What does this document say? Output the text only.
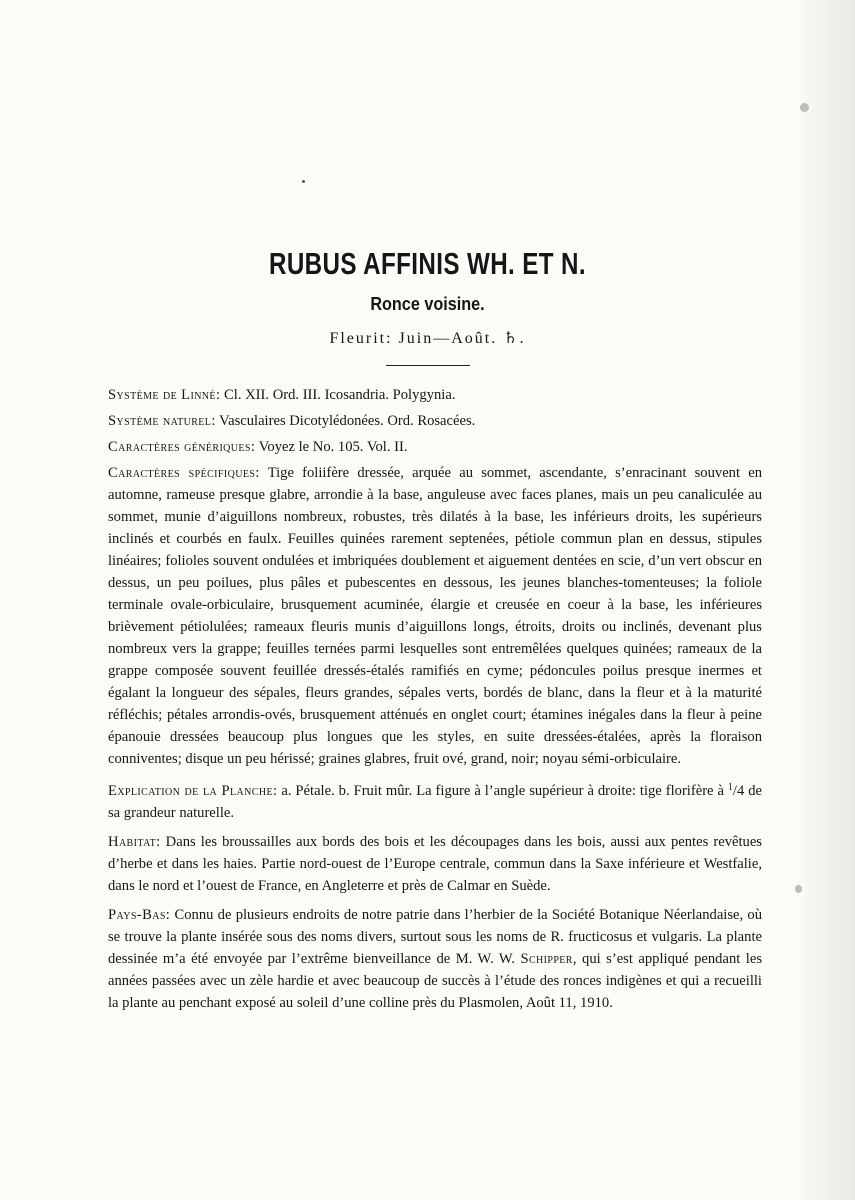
RUBUS AFFINIS WH. ET N.
Ronce voisine.
Fleurit: Juin—Août. ♄.

Système de Linné: Cl. XII. Ord. III. Icosandria. Polygynia.

Système naturel: Vasculaires Dicotylédonées. Ord. Rosacées.

Caractères génériques: Voyez le No. 105. Vol. II.

Caractères spécifiques: Tige foliifère dressée, arquée au sommet, ascendante, s’enracinant souvent en automne, rameuse presque glabre, arrondie à la base, anguleuse avec faces planes, mais un peu canaliculée au sommet, munie d’aiguillons nombreux, robustes, très dilatés à la base, les inférieurs droits, les supérieurs inclinés et courbés en faulx. Feuilles quinées rarement septenées, pétiole commun plan en dessus, stipules linéaires; folioles souvent ondulées et imbriquées doublement et aiguement dentées en scie, d’un vert obscur en dessus, un peu poilues, plus pâles et pubescentes en dessous, les jeunes blanches-tomenteuses; la foliole terminale ovale-orbiculaire, brusquement acuminée, élargie et creusée en coeur à la base, les inférieures brièvement pétiolulées; rameaux fleuris munis d’aiguillons longs, étroits, droits ou inclinés, devenant plus nombreux vers la grappe; feuilles ternées parmi lesquelles sont entremêlées quelques quinées; rameaux de la grappe composée souvent feuillée dressés-étalés ramifiés en cyme; pédoncules poilus presque inermes et égalant la longueur des sépales, fleurs grandes, sépales verts, bordés de blanc, dans la fleur et à la maturité réfléchis; pétales arrondis-ovés, brusquement atténués en onglet court; étamines inégales dans la fleur à peine épanouie dressées beaucoup plus longues que les styles, en suite dressées-étalées, après la floraison conniventes; disque un peu hérissé; graines glabres, fruit ové, grand, noir; noyau sémi-orbiculaire.

Explication de la Planche: a. Pétale. b. Fruit mûr. La figure à l’angle supérieur à droite: tige florifère à $^1$/4 de sa grandeur naturelle.

Habitat: Dans les broussailles aux bords des bois et les découpages dans les bois, aussi aux pentes revêtues d’herbe et dans les haies. Partie nord-ouest de l’Europe centrale, commun dans la Saxe inférieure et Westfalie, dans le nord et l’ouest de France, en Angleterre et près de Calmar en Suède.

Pays-Bas: Connu de plusieurs endroits de notre patrie dans l’herbier de la Société Botanique Néerlandaise, où se trouve la plante insérée sous des noms divers, surtout sous les noms de R. fructicosus et vulgaris. La plante dessinée m’a été envoyée par l’extrême bienveillance de M. W. W. Schipper, qui s’est appliqué pendant les années passées avec un zèle hardie et avec beaucoup de succès à l’étude des ronces indigènes et qui a recueilli la plante au penchant exposé au soleil d’une colline près du Plasmolen, Août 11, 1910.
